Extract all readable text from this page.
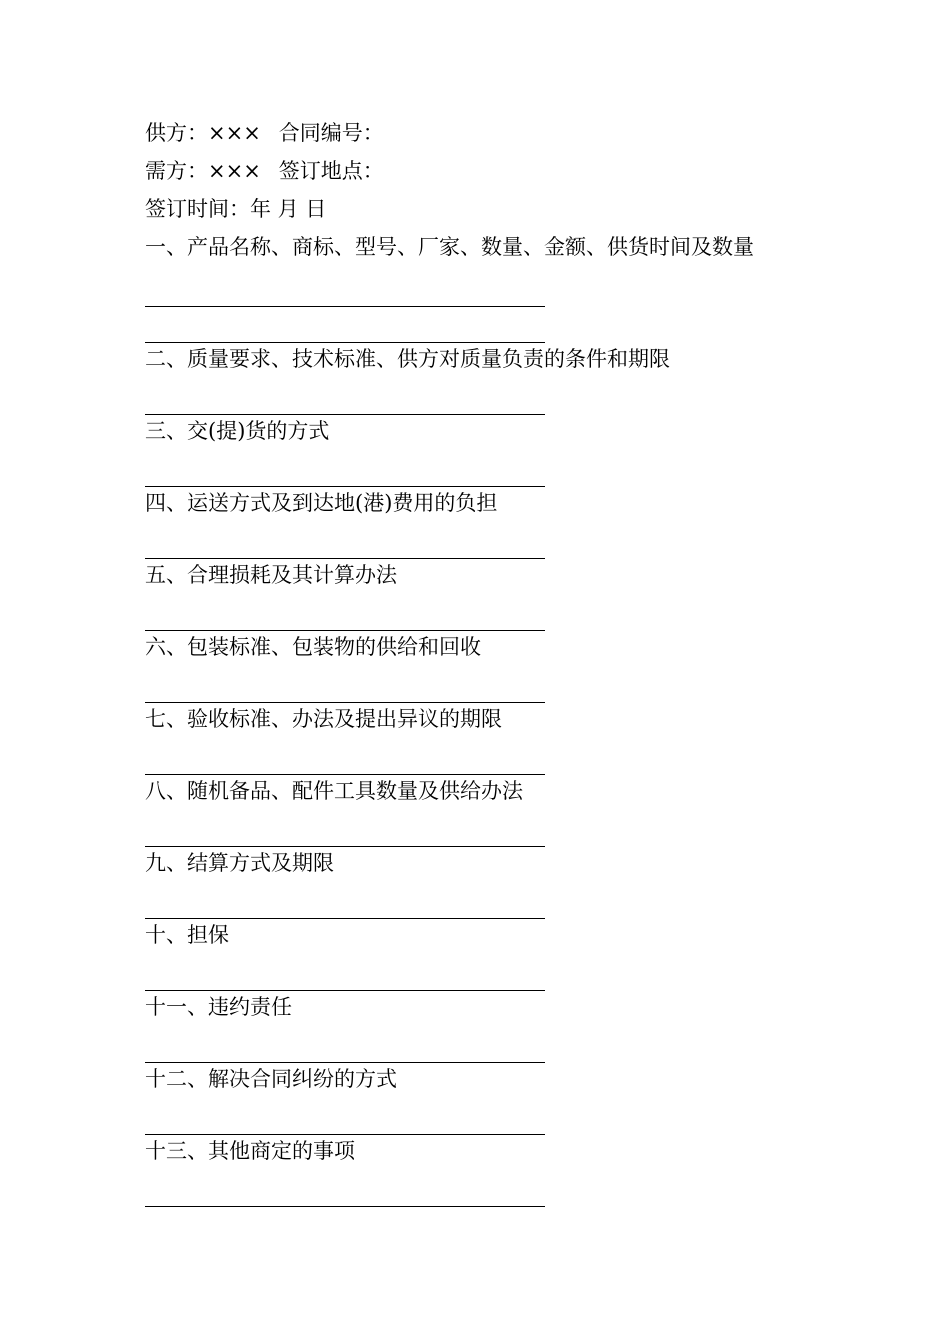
供方：××× 合同编号：
需方：××× 签订地点：
签订时间：年 月 日
一、产品名称、商标、型号、厂家、数量、金额、供货时间及数量
二、质量要求、技术标准、供方对质量负责的条件和期限
三、交(提)货的方式
四、运送方式及到达地(港)费用的负担
五、合理损耗及其计算办法
六、包装标准、包装物的供给和回收
七、验收标准、办法及提出异议的期限
八、随机备品、配件工具数量及供给办法
九、结算方式及期限
十、担保
十一、违约责任
十二、解决合同纠纷的方式
十三、其他商定的事项
